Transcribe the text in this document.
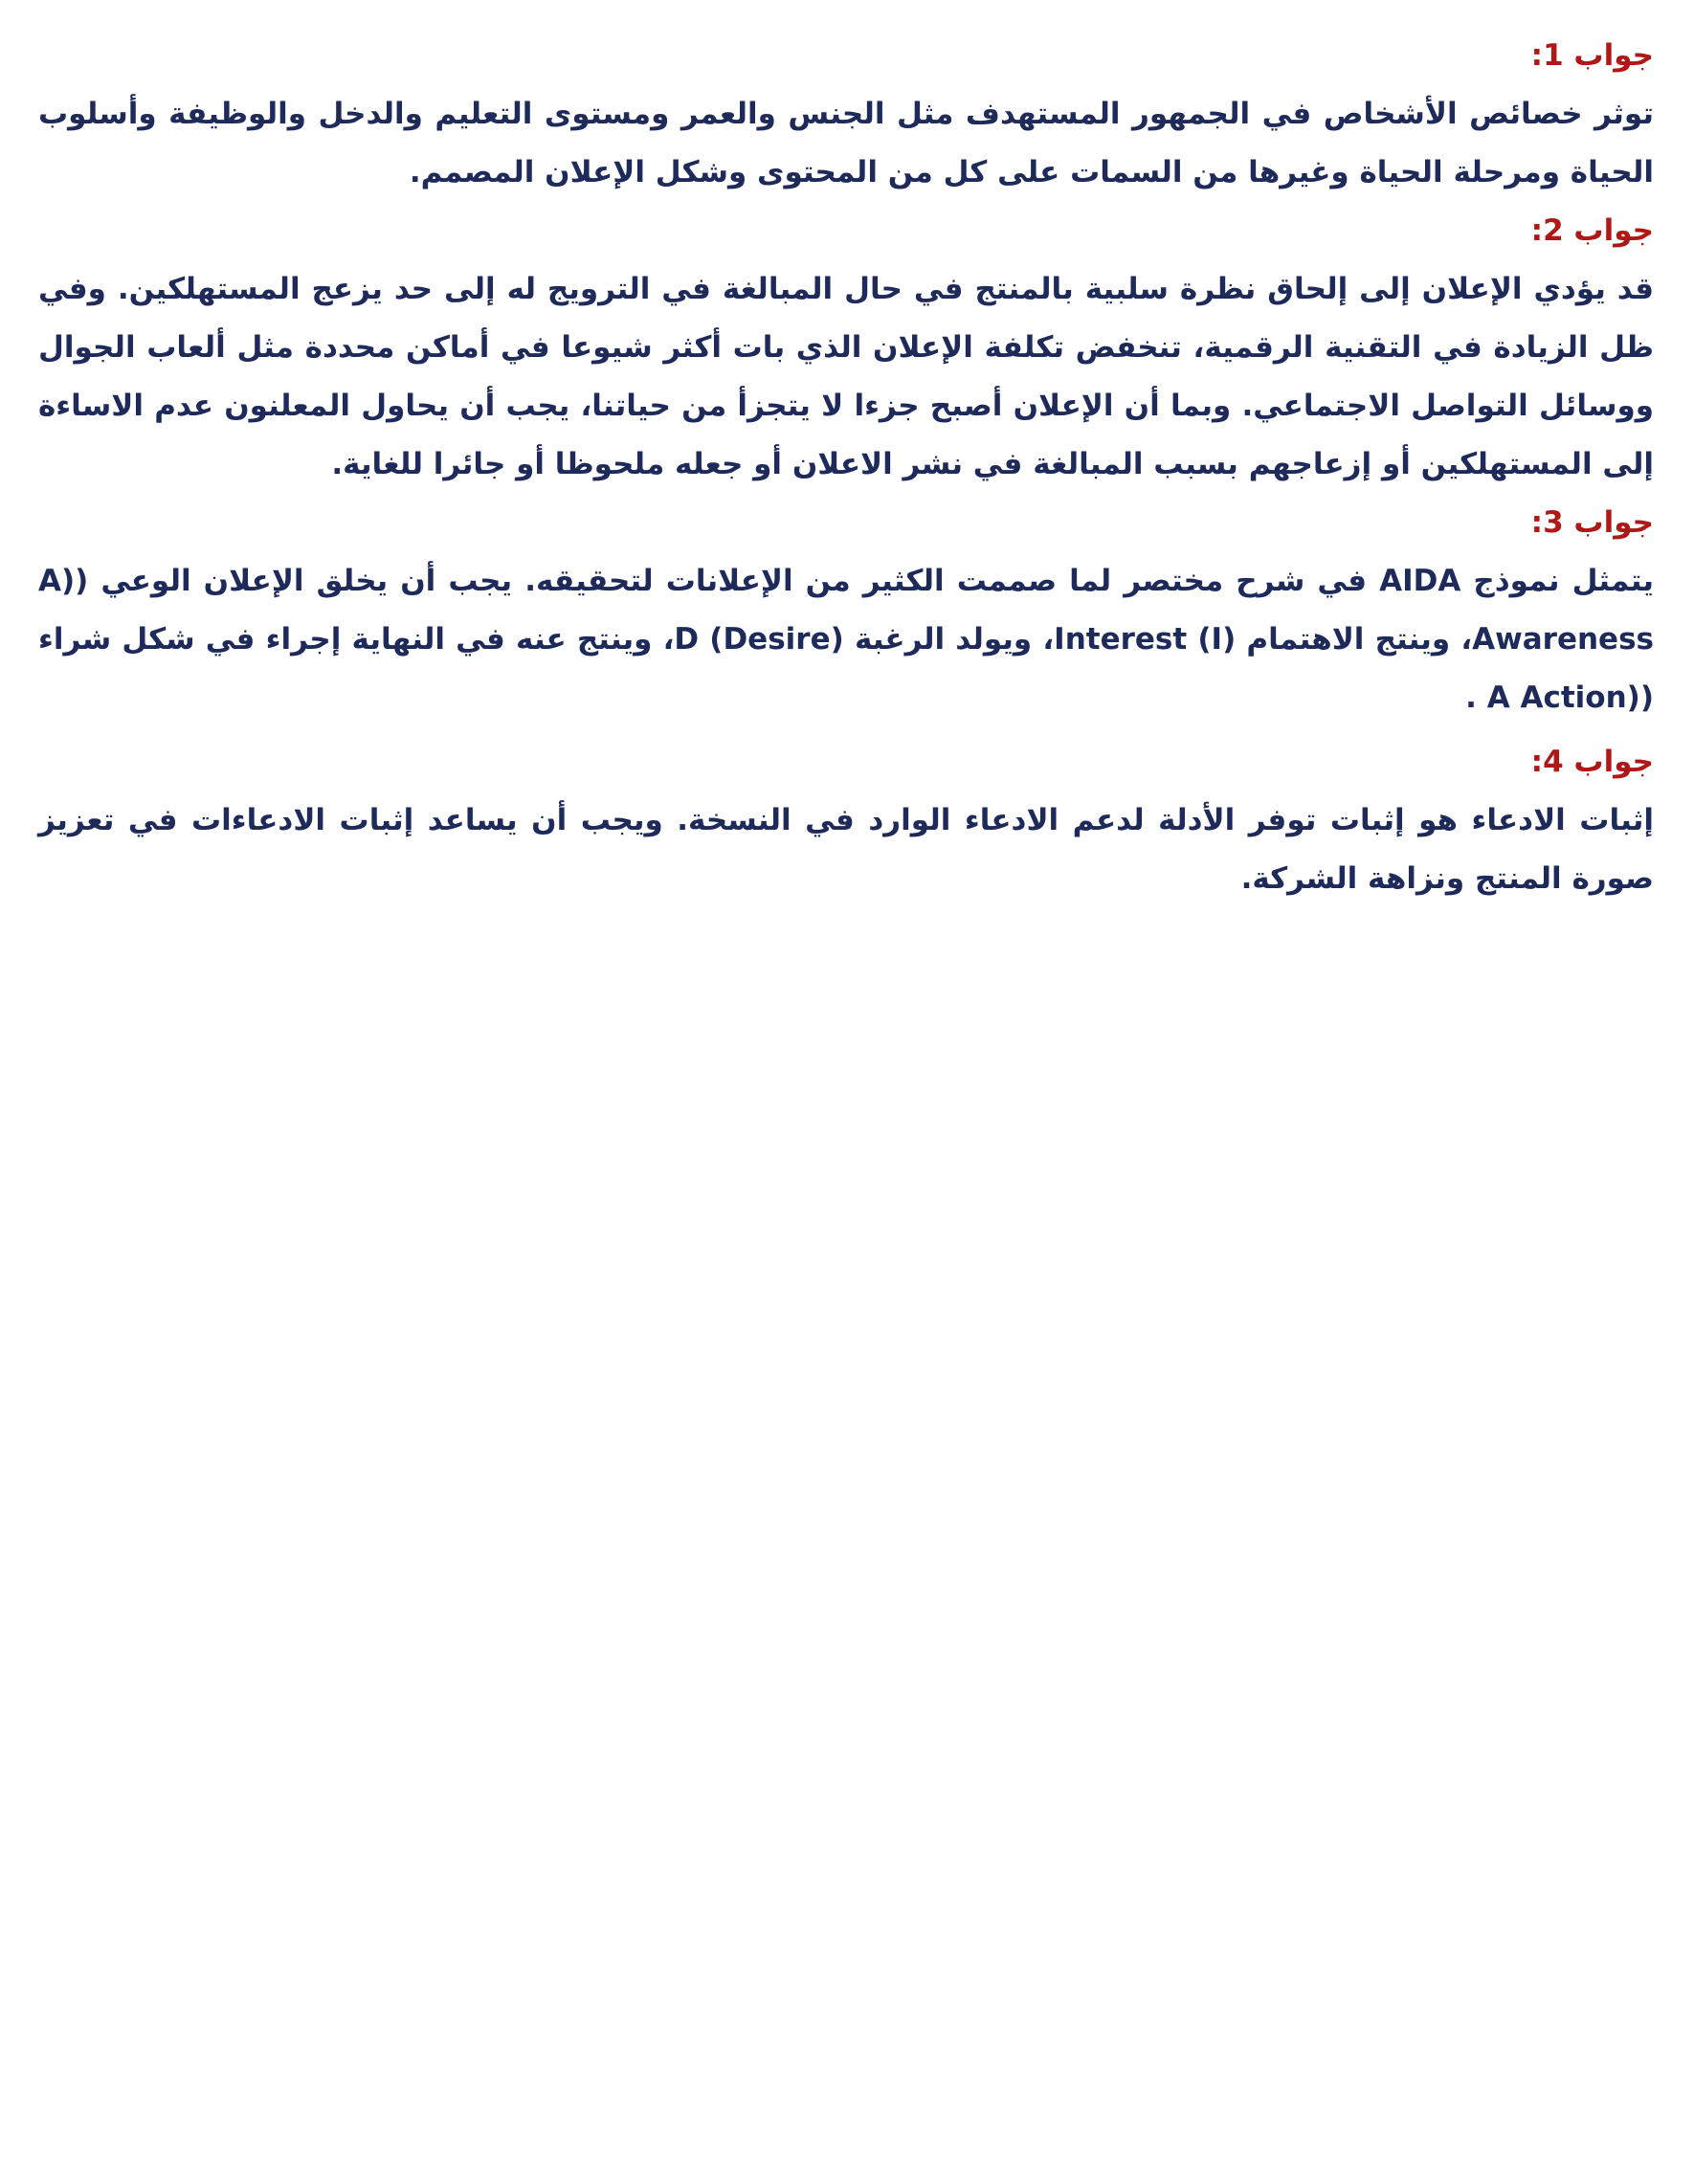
جواب 1:

توثر خصائص الأشخاص في الجمهور المستهدف مثل الجنس والعمر ومستوى التعليم والدخل والوظيفة وأسلوب الحياة ومرحلة الحياة وغيرها من السمات على كل من المحتوى وشكل الإعلان المصمم.

جواب 2:

قد يؤدي الإعلان إلى إلحاق نظرة سلبية بالمنتج في حال المبالغة في الترويج له إلى حد يزعج المستهلكين. وفي ظل الزيادة في التقنية الرقمية، تنخفض تكلفة الإعلان الذي بات أكثر شيوعا في أماكن محددة مثل ألعاب الجوال ووسائل التواصل الاجتماعي. وبما أن الإعلان أصبح جزءا لا يتجزأ من حياتنا، يجب أن يحاول المعلنون عدم الاساءة إلى المستهلكين أو إزعاجهم بسبب المبالغة في نشر الاعلان أو جعله ملحوظا أو جائرا للغاية.

جواب 3:

يتمثل نموذج AIDA في شرح مختصر لما صممت الكثير من الإعلانات لتحقيقه. يجب أن يخلق الإعلان الوعي ((A Awareness، وينتج الاهتمام (Interest (I، ويولد الرغبة (D (Desire، وينتج عنه في النهاية إجراء في شكل شراء ((A Action .

جواب 4:

إثبات الادعاء هو إثبات توفر الأدلة لدعم الادعاء الوارد في النسخة. ويجب أن يساعد إثبات الادعاءات في تعزيز صورة المنتج ونزاهة الشركة.
